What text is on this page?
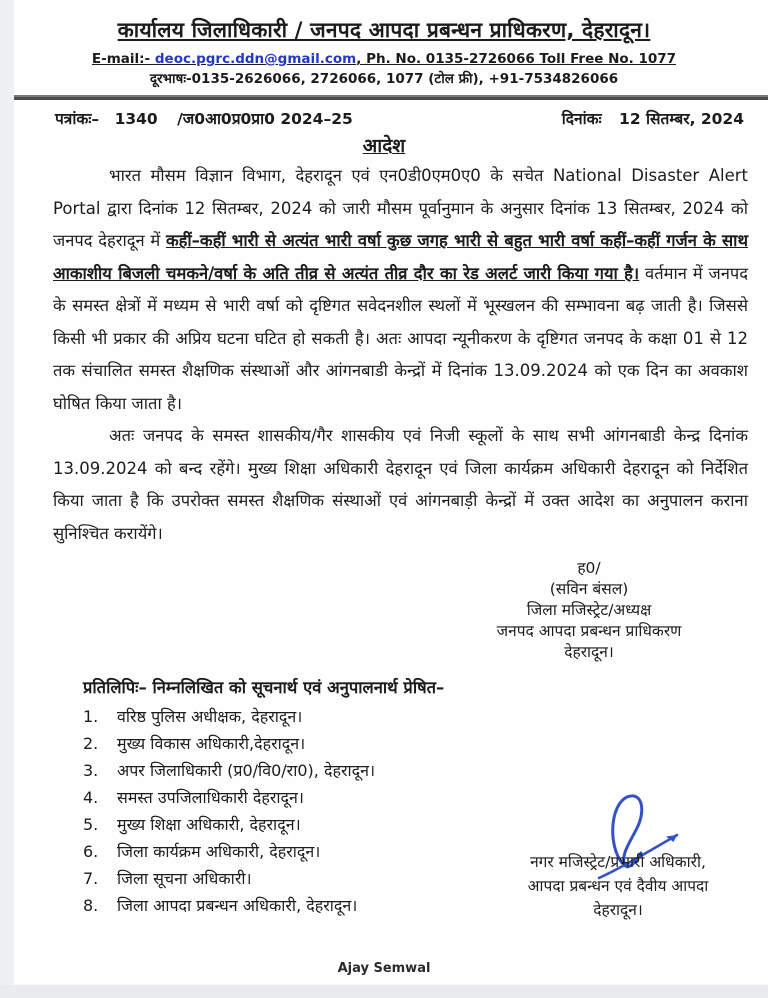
कार्यालय जिलाधिकारी / जनपद आपदा प्रबन्धन प्राधिकरण, देहरादून।
E-mail:- deoc.pgrc.ddn@gmail.com, Ph. No. 0135-2726066 Toll Free No. 1077
दूरभाषः-0135-2626066, 2726066, 1077 (टोल फ्री), +91-7534826066
पत्रांकः– 1340 /ज0आ0प्र0प्रा0 2024–25	दिनांकः 12 सितम्बर, 2024
आदेश

भारत मौसम विज्ञान विभाग, देहरादून एवं एन0डी0एम0ए0 के सचेत National Disaster Alert Portal द्वारा दिनांक 12 सितम्बर, 2024 को जारी मौसम पूर्वानुमान के अनुसार दिनांक 13 सितम्बर, 2024 को जनपद देहरादून में कहीं–कहीं भारी से अत्यंत भारी वर्षा कुछ जगह भारी से बहुत भारी वर्षा कहीं–कहीं गर्जन के साथ आकाशीय बिजली चमकने/वर्षा के अति तीव्र से अत्यंत तीव्र दौर का रेड अलर्ट जारी किया गया है। वर्तमान में जनपद के समस्त क्षेत्रों में मध्यम से भारी वर्षा को दृष्टिगत सवेदनशील स्थलों में भूस्खलन की सम्भावना बढ़ जाती है। जिससे किसी भी प्रकार की अप्रिय घटना घटित हो सकती है। अतः आपदा न्यूनीकरण के दृष्टिगत जनपद के कक्षा 01 से 12 तक संचालित समस्त शैक्षणिक संस्थाओं और आंगनबाडी केन्द्रों में दिनांक 13.09.2024 को एक दिन का अवकाश घोषित किया जाता है।

अतः जनपद के समस्त शासकीय/गैर शासकीय एवं निजी स्कूलों के साथ सभी आंगनबाडी केन्द्र दिनांक 13.09.2024 को बन्द रहेंगे। मुख्य शिक्षा अधिकारी देहरादून एवं जिला कार्यक्रम अधिकारी देहरादून को निर्देशित किया जाता है कि उपरोक्त समस्त शैक्षणिक संस्थाओं एवं आंगनबाड़ी केन्द्रों में उक्त आदेश का अनुपालन कराना सुनिश्चित करायेंगे।

ह0/
(सविन बंसल)
जिला मजिस्ट्रेट/अध्यक्ष
जनपद आपदा प्रबन्धन प्राधिकरण
देहरादून।
प्रतिलिपिः– निम्नलिखित को सूचनार्थ एवं अनुपालनार्थ प्रेषित–
1.	वरिष्ठ पुलिस अधीक्षक, देहरादून।
2.	मुख्य विकास अधिकारी,देहरादून।
3.	अपर जिलाधिकारी (प्र0/वि0/रा0), देहरादून।
4.	समस्त उपजिलाधिकारी देहरादून।
5.	मुख्य शिक्षा अधिकारी, देहरादून।
6.	जिला कार्यक्रम अधिकारी, देहरादून।
7.	जिला सूचना अधिकारी।
8.	जिला आपदा प्रबन्धन अधिकारी, देहरादून।
नगर मजिस्ट्रेट/प्रभारी अधिकारी,
आपदा प्रबन्धन एवं दैवीय आपदा
देहरादून।
Ajay Semwal
